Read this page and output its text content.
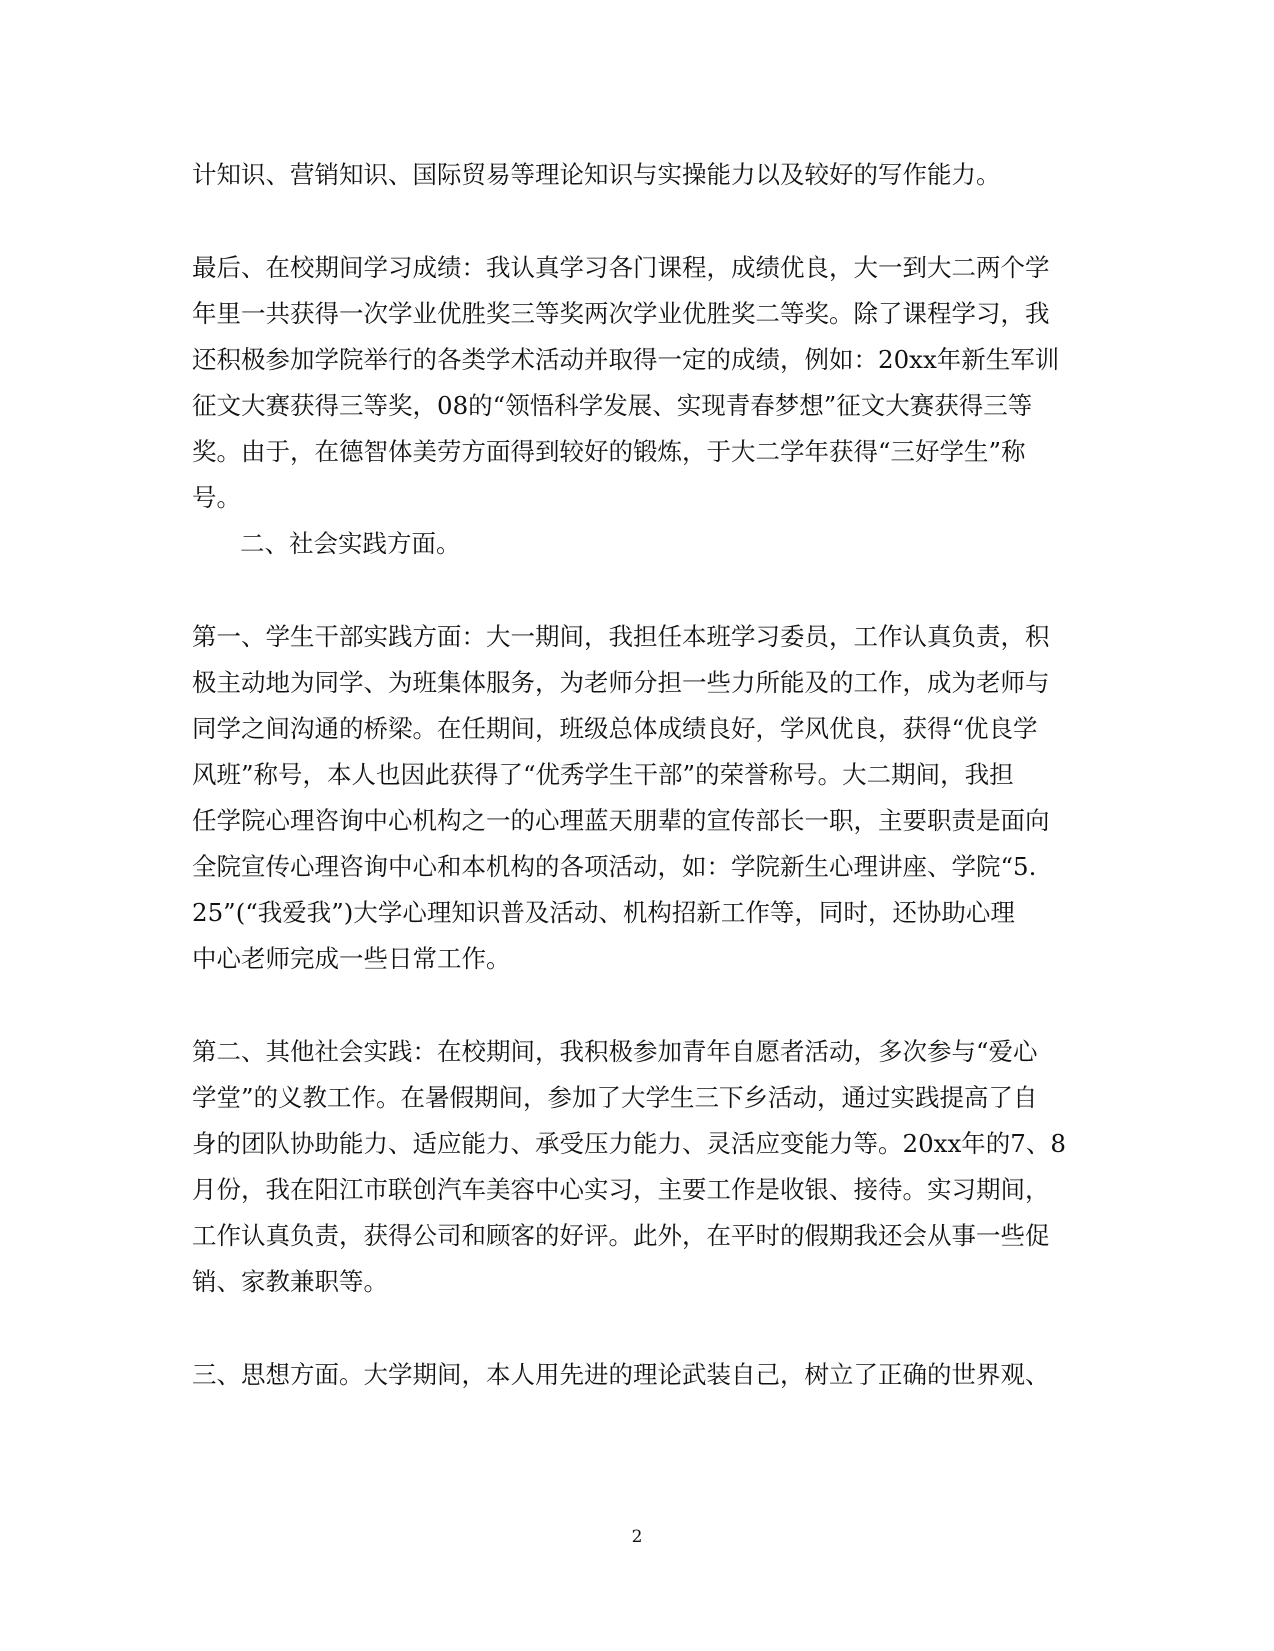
计知识、营销知识、国际贸易等理论知识与实操能力以及较好的写作能力。
最后、在校期间学习成绩：我认真学习各门课程，成绩优良，大一到大二两个学
年里一共获得一次学业优胜奖三等奖两次学业优胜奖二等奖。除了课程学习，我
还积极参加学院举行的各类学术活动并取得一定的成绩，例如：20xx年新生军训
征文大赛获得三等奖，08的“领悟科学发展、实现青春梦想”征文大赛获得三等
奖。由于，在德智体美劳方面得到较好的锻炼，于大二学年获得“三好学生”称
号。
二、社会实践方面。
第一、学生干部实践方面：大一期间，我担任本班学习委员，工作认真负责，积
极主动地为同学、为班集体服务，为老师分担一些力所能及的工作，成为老师与
同学之间沟通的桥梁。在任期间，班级总体成绩良好，学风优良，获得“优良学
风班”称号，本人也因此获得了“优秀学生干部”的荣誉称号。大二期间，我担
任学院心理咨询中心机构之一的心理蓝天朋辈的宣传部长一职，主要职责是面向
全院宣传心理咨询中心和本机构的各项活动，如：学院新生心理讲座、学院“5.
25”(“我爱我”)大学心理知识普及活动、机构招新工作等，同时，还协助心理
中心老师完成一些日常工作。
第二、其他社会实践：在校期间，我积极参加青年自愿者活动，多次参与“爱心
学堂”的义教工作。在暑假期间，参加了大学生三下乡活动，通过实践提高了自
身的团队协助能力、适应能力、承受压力能力、灵活应变能力等。20xx年的7、8
月份，我在阳江市联创汽车美容中心实习，主要工作是收银、接待。实习期间，
工作认真负责，获得公司和顾客的好评。此外，在平时的假期我还会从事一些促
销、家教兼职等。
三、思想方面。大学期间，本人用先进的理论武装自己，树立了正确的世界观、
2
